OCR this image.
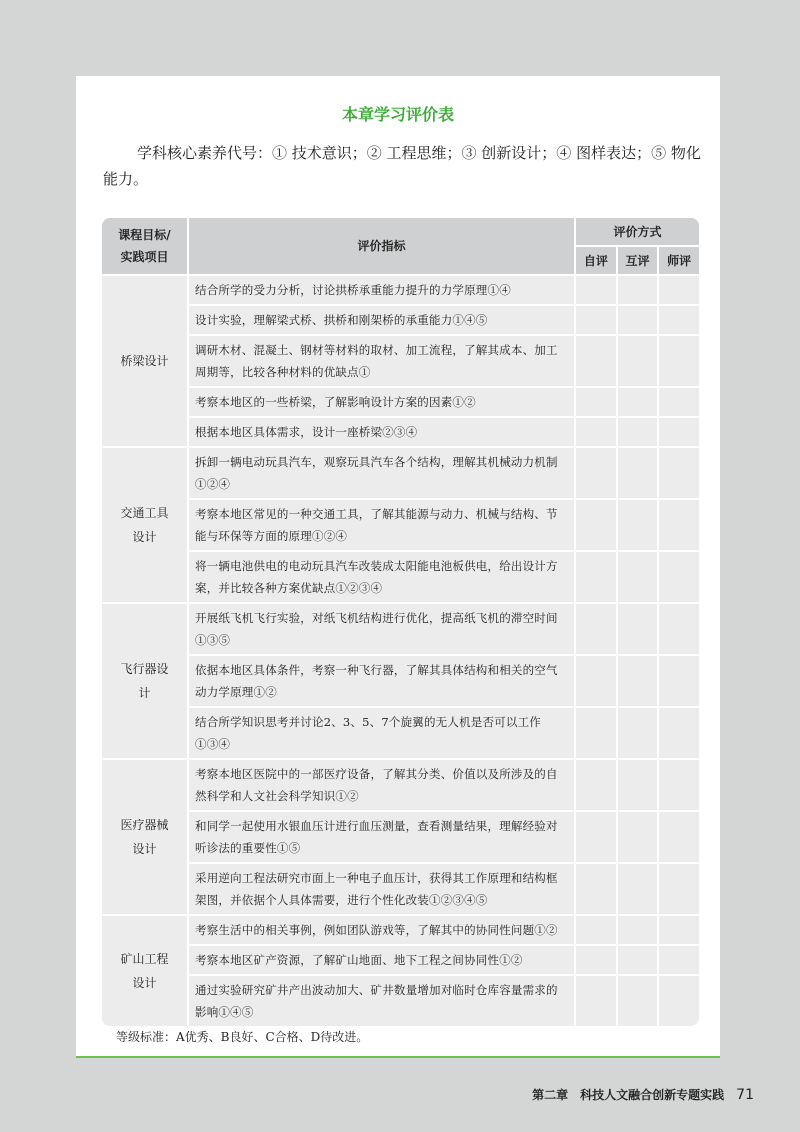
本章学习评价表
学科核心素养代号：① 技术意识；② 工程思维；③ 创新设计；④ 图样表达；⑤ 物化能力。
课程目标/实践项目
评价指标
评价方式
自评	互评	师评
桥梁设计
结合所学的受力分析，讨论拱桥承重能力提升的力学原理①④
设计实验，理解梁式桥、拱桥和刚架桥的承重能力①④⑤
调研木材、混凝土、钢材等材料的取材、加工流程，了解其成本、加工周期等，比较各种材料的优缺点①
考察本地区的一些桥梁，了解影响设计方案的因素①②
根据本地区具体需求，设计一座桥梁②③④
交通工具设计
拆卸一辆电动玩具汽车，观察玩具汽车各个结构，理解其机械动力机制①②④
考察本地区常见的一种交通工具，了解其能源与动力、机械与结构、节能与环保等方面的原理①②④
将一辆电池供电的电动玩具汽车改装成太阳能电池板供电，给出设计方案，并比较各种方案优缺点①②③④
飞行器设计
开展纸飞机飞行实验，对纸飞机结构进行优化，提高纸飞机的滞空时间①③⑤
依据本地区具体条件，考察一种飞行器，了解其具体结构和相关的空气动力学原理①②
结合所学知识思考并讨论2、3、5、7个旋翼的无人机是否可以工作①③④
医疗器械设计
考察本地区医院中的一部医疗设备，了解其分类、价值以及所涉及的自然科学和人文社会科学知识①②
和同学一起使用水银血压计进行血压测量，查看测量结果，理解经验对听诊法的重要性①⑤
采用逆向工程法研究市面上一种电子血压计，获得其工作原理和结构框架图，并依据个人具体需要，进行个性化改装①②③④⑤
矿山工程设计
考察生活中的相关事例，例如团队游戏等，了解其中的协同性问题①②
考察本地区矿产资源，了解矿山地面、地下工程之间协同性①②
通过实验研究矿井产出波动加大、矿井数量增加对临时仓库容量需求的影响①④⑤
等级标准：A优秀、B良好、C合格、D待改进。
第二章 科技人文融合创新专题实践 71
